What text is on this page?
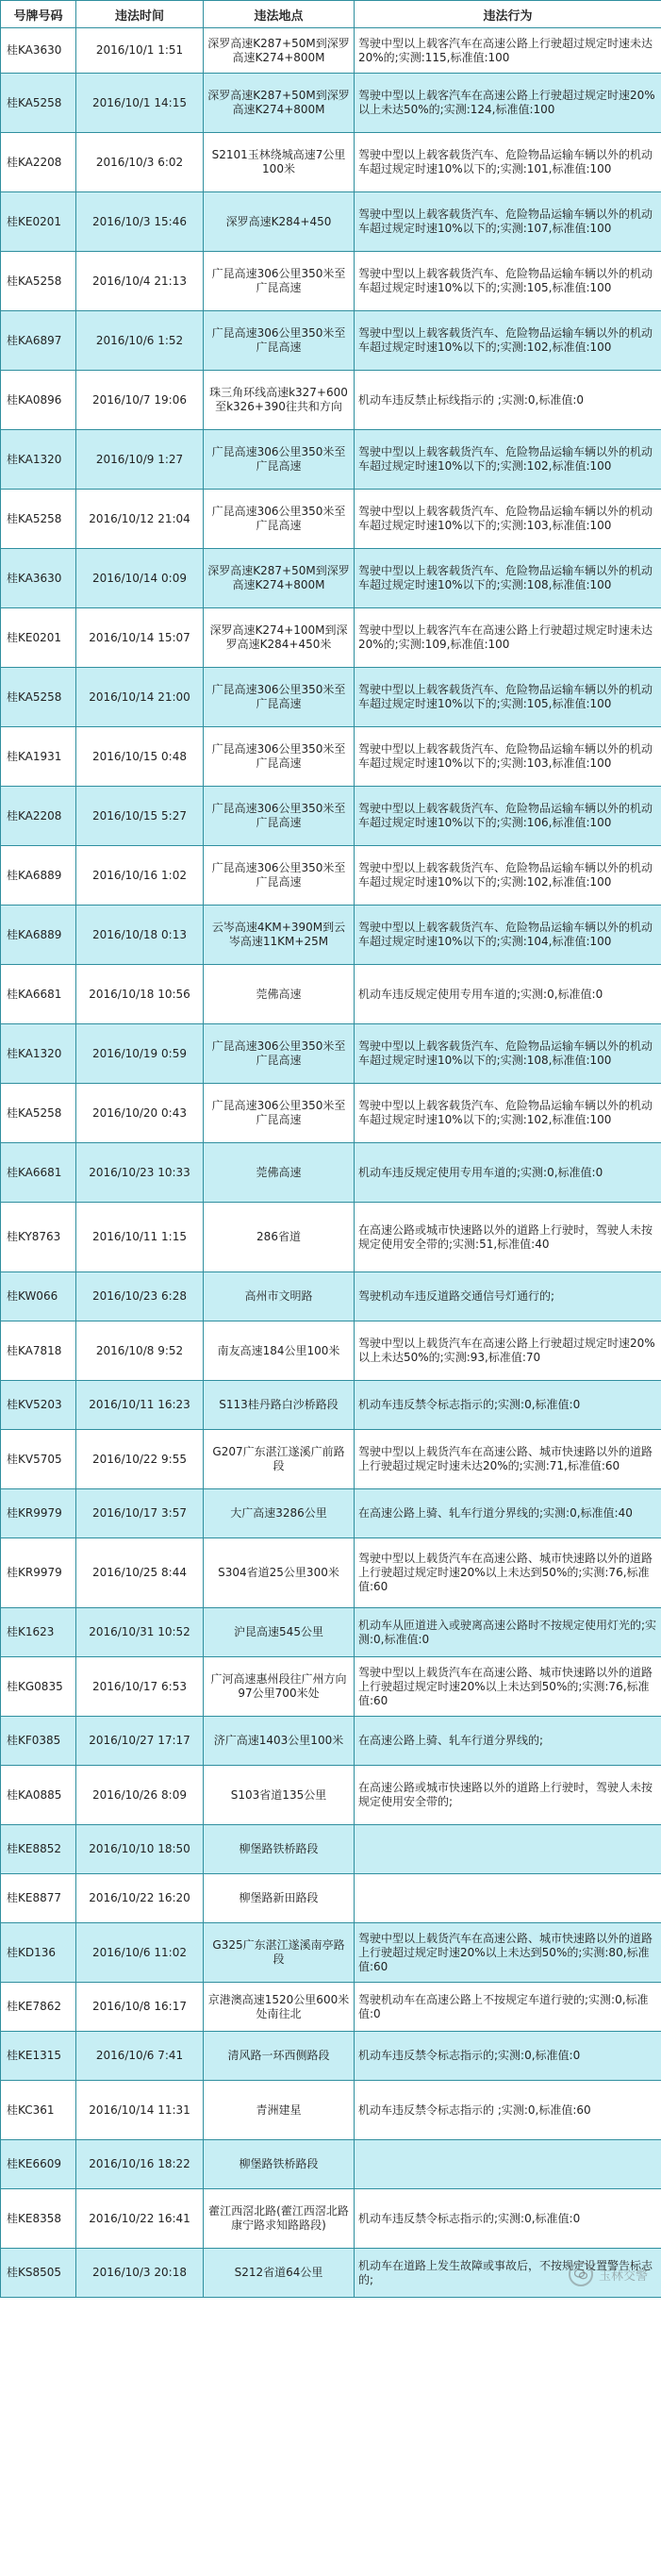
号牌号码	违法时间	违法地点	违法行为
桂KA3630	2016/10/1 1:51	深罗高速K287+50M到深罗高速K274+800M	驾驶中型以上载客汽车在高速公路上行驶超过规定时速未达20%的;实测:115,标准值:100
桂KA5258	2016/10/1 14:15	深罗高速K287+50M到深罗高速K274+800M	驾驶中型以上载客汽车在高速公路上行驶超过规定时速20%以上未达50%的;实测:124,标准值:100
桂KA2208	2016/10/3 6:02	S2101玉林绕城高速7公里100米	驾驶中型以上载客载货汽车、危险物品运输车辆以外的机动车超过规定时速10%以下的;实测:101,标准值:100
桂KE0201	2016/10/3 15:46	深罗高速K284+450	驾驶中型以上载客载货汽车、危险物品运输车辆以外的机动车超过规定时速10%以下的;实测:107,标准值:100
桂KA5258	2016/10/4 21:13	广昆高速306公里350米至广昆高速	驾驶中型以上载客载货汽车、危险物品运输车辆以外的机动车超过规定时速10%以下的;实测:105,标准值:100
桂KA6897	2016/10/6 1:52	广昆高速306公里350米至广昆高速	驾驶中型以上载客载货汽车、危险物品运输车辆以外的机动车超过规定时速10%以下的;实测:102,标准值:100
桂KA0896	2016/10/7 19:06	珠三角环线高速k327+600至k326+390往共和方向	机动车违反禁止标线指示的 ;实测:0,标准值:0
桂KA1320	2016/10/9 1:27	广昆高速306公里350米至广昆高速	驾驶中型以上载客载货汽车、危险物品运输车辆以外的机动车超过规定时速10%以下的;实测:102,标准值:100
桂KA5258	2016/10/12 21:04	广昆高速306公里350米至广昆高速	驾驶中型以上载客载货汽车、危险物品运输车辆以外的机动车超过规定时速10%以下的;实测:103,标准值:100
桂KA3630	2016/10/14 0:09	深罗高速K287+50M到深罗高速K274+800M	驾驶中型以上载客载货汽车、危险物品运输车辆以外的机动车超过规定时速10%以下的;实测:108,标准值:100
桂KE0201	2016/10/14 15:07	深罗高速K274+100M到深罗高速K284+450米	驾驶中型以上载客汽车在高速公路上行驶超过规定时速未达20%的;实测:109,标准值:100
桂KA5258	2016/10/14 21:00	广昆高速306公里350米至广昆高速	驾驶中型以上载客载货汽车、危险物品运输车辆以外的机动车超过规定时速10%以下的;实测:105,标准值:100
桂KA1931	2016/10/15 0:48	广昆高速306公里350米至广昆高速	驾驶中型以上载客载货汽车、危险物品运输车辆以外的机动车超过规定时速10%以下的;实测:103,标准值:100
桂KA2208	2016/10/15 5:27	广昆高速306公里350米至广昆高速	驾驶中型以上载客载货汽车、危险物品运输车辆以外的机动车超过规定时速10%以下的;实测:106,标准值:100
桂KA6889	2016/10/16 1:02	广昆高速306公里350米至广昆高速	驾驶中型以上载客载货汽车、危险物品运输车辆以外的机动车超过规定时速10%以下的;实测:102,标准值:100
桂KA6889	2016/10/18 0:13	云岑高速4KM+390M到云岑高速11KM+25M	驾驶中型以上载客载货汽车、危险物品运输车辆以外的机动车超过规定时速10%以下的;实测:104,标准值:100
桂KA6681	2016/10/18 10:56	莞佛高速	机动车违反规定使用专用车道的;实测:0,标准值:0
桂KA1320	2016/10/19 0:59	广昆高速306公里350米至广昆高速	驾驶中型以上载客载货汽车、危险物品运输车辆以外的机动车超过规定时速10%以下的;实测:108,标准值:100
桂KA5258	2016/10/20 0:43	广昆高速306公里350米至广昆高速	驾驶中型以上载客载货汽车、危险物品运输车辆以外的机动车超过规定时速10%以下的;实测:102,标准值:100
桂KA6681	2016/10/23 10:33	莞佛高速	机动车违反规定使用专用车道的;实测:0,标准值:0
桂KY8763	2016/10/11 1:15	286省道	在高速公路或城市快速路以外的道路上行驶时，驾驶人未按规定使用安全带的;实测:51,标准值:40
桂KW066	2016/10/23 6:28	高州市文明路	驾驶机动车违反道路交通信号灯通行的;
桂KA7818	2016/10/8 9:52	南友高速184公里100米	驾驶中型以上载货汽车在高速公路上行驶超过规定时速20%以上未达50%的;实测:93,标准值:70
桂KV5203	2016/10/11 16:23	S113桂丹路白沙桥路段	机动车违反禁令标志指示的;实测:0,标准值:0
桂KV5705	2016/10/22 9:55	G207广东湛江遂溪广前路段	驾驶中型以上载货汽车在高速公路、城市快速路以外的道路上行驶超过规定时速未达20%的;实测:71,标准值:60
桂KR9979	2016/10/17 3:57	大广高速3286公里	在高速公路上骑、轧车行道分界线的;实测:0,标准值:40
桂KR9979	2016/10/25 8:44	S304省道25公里300米	驾驶中型以上载货汽车在高速公路、城市快速路以外的道路上行驶超过规定时速20%以上未达到50%的;实测:76,标准值:60
桂K1623	2016/10/31 10:52	沪昆高速545公里	机动车从匝道进入或驶离高速公路时不按规定使用灯光的;实测:0,标准值:0
桂KG0835	2016/10/17 6:53	广河高速惠州段往广州方向97公里700米处	驾驶中型以上载货汽车在高速公路、城市快速路以外的道路上行驶超过规定时速20%以上未达到50%的;实测:76,标准值:60
桂KF0385	2016/10/27 17:17	济广高速1403公里100米	在高速公路上骑、轧车行道分界线的;
桂KA0885	2016/10/26 8:09	S103省道135公里	在高速公路或城市快速路以外的道路上行驶时，驾驶人未按规定使用安全带的;
桂KE8852	2016/10/10 18:50	柳堡路铁桥路段	
桂KE8877	2016/10/22 16:20	柳堡路新田路段	
桂KD136	2016/10/6 11:02	G325广东湛江遂溪南亭路段	驾驶中型以上载货汽车在高速公路、城市快速路以外的道路上行驶超过规定时速20%以上未达到50%的;实测:80,标准值:60
桂KE7862	2016/10/8 16:17	京港澳高速1520公里600米处南往北	驾驶机动车在高速公路上不按规定车道行驶的;实测:0,标准值:0
桂KE1315	2016/10/6 7:41	清风路一环西侧路段	机动车违反禁令标志指示的;实测:0,标准值:0
桂KC361	2016/10/14 11:31	青洲建星	机动车违反禁令标志指示的 ;实测:0,标准值:60
桂KE6609	2016/10/16 18:22	柳堡路铁桥路段	
桂KE8358	2016/10/22 16:41	藿江西滘北路(藿江西滘北路康宁路求知路路段)	机动车违反禁令标志指示的;实测:0,标准值:0
桂KS8505	2016/10/3 20:18	S212省道64公里	机动车在道路上发生故障或事故后，不按规定设置警告标志的;	玉林交警
